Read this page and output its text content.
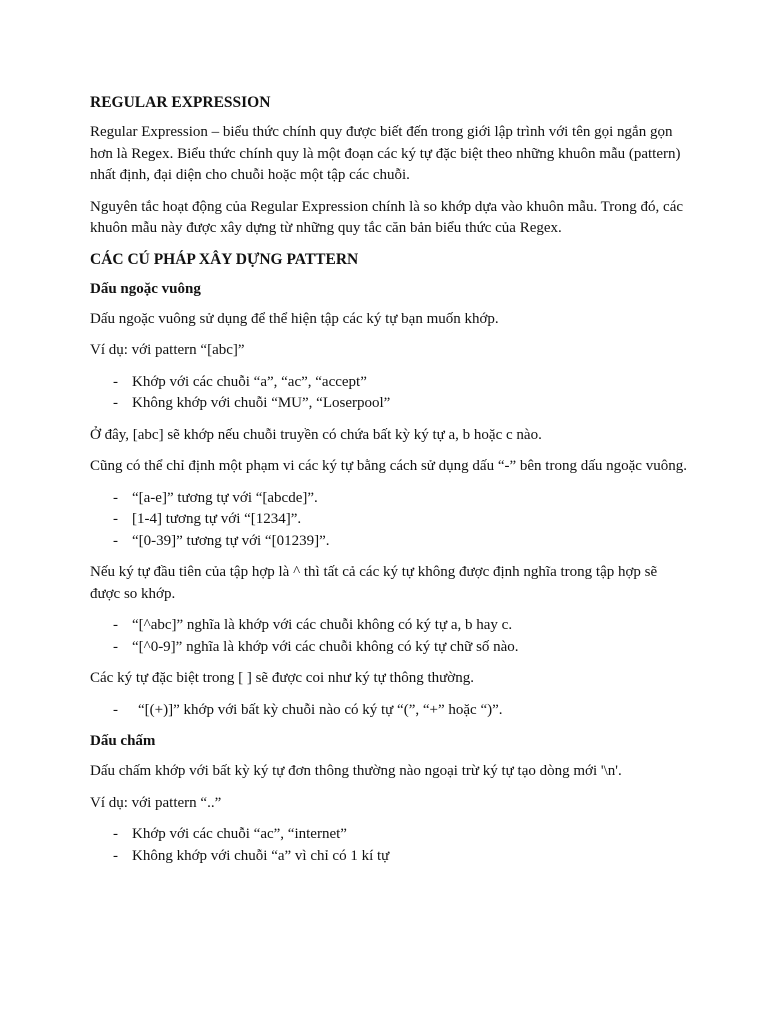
REGULAR EXPRESSION

Regular Expression – biểu thức chính quy được biết đến trong giới lập trình với tên gọi ngắn gọn hơn là Regex. Biểu thức chính quy là một đoạn các ký tự đặc biệt theo những khuôn mẫu (pattern) nhất định, đại diện cho chuỗi hoặc một tập các chuỗi.

Nguyên tắc hoạt động của Regular Expression chính là so khớp dựa vào khuôn mẫu. Trong đó, các khuôn mẫu này được xây dựng từ những quy tắc căn bản biểu thức của Regex.

CÁC CÚ PHÁP XÂY DỰNG PATTERN
Dấu ngoặc vuông

Dấu ngoặc vuông sử dụng để thể hiện tập các ký tự bạn muốn khớp.

Ví dụ: với pattern “[abc]”

- Khớp với các chuỗi “a”, “ac”, “accept”
- Không khớp với chuỗi “MU”, “Loserpool”

Ở đây, [abc] sẽ khớp nếu chuỗi truyền có chứa bất kỳ ký tự a, b hoặc c nào.

Cũng có thể chỉ định một phạm vi các ký tự bằng cách sử dụng dấu “-” bên trong dấu ngoặc vuông.

- “[a-e]” tương tự với “[abcde]”.
- [1-4] tương tự với “[1234]”.
- “[0-39]” tương tự với “[01239]”.

Nếu ký tự đầu tiên của tập hợp là ^ thì tất cả các ký tự không được định nghĩa trong tập hợp sẽ được so khớp.

- “[^abc]” nghĩa là khớp với các chuỗi không có ký tự a, b hay c.
- “[^0-9]” nghĩa là khớp với các chuỗi không có ký tự chữ số nào.

Các ký tự đặc biệt trong [ ] sẽ được coi như ký tự thông thường.

- “[(+)]” khớp với bất kỳ chuỗi nào có ký tự “(”, “+” hoặc “)”.
Dấu chấm

Dấu chấm khớp với bất kỳ ký tự đơn thông thường nào ngoại trừ ký tự tạo dòng mới '\n'.

Ví dụ: với pattern “..”

- Khớp với các chuỗi “ac”, “internet”
- Không khớp với chuỗi “a” vì chỉ có 1 kí tự
